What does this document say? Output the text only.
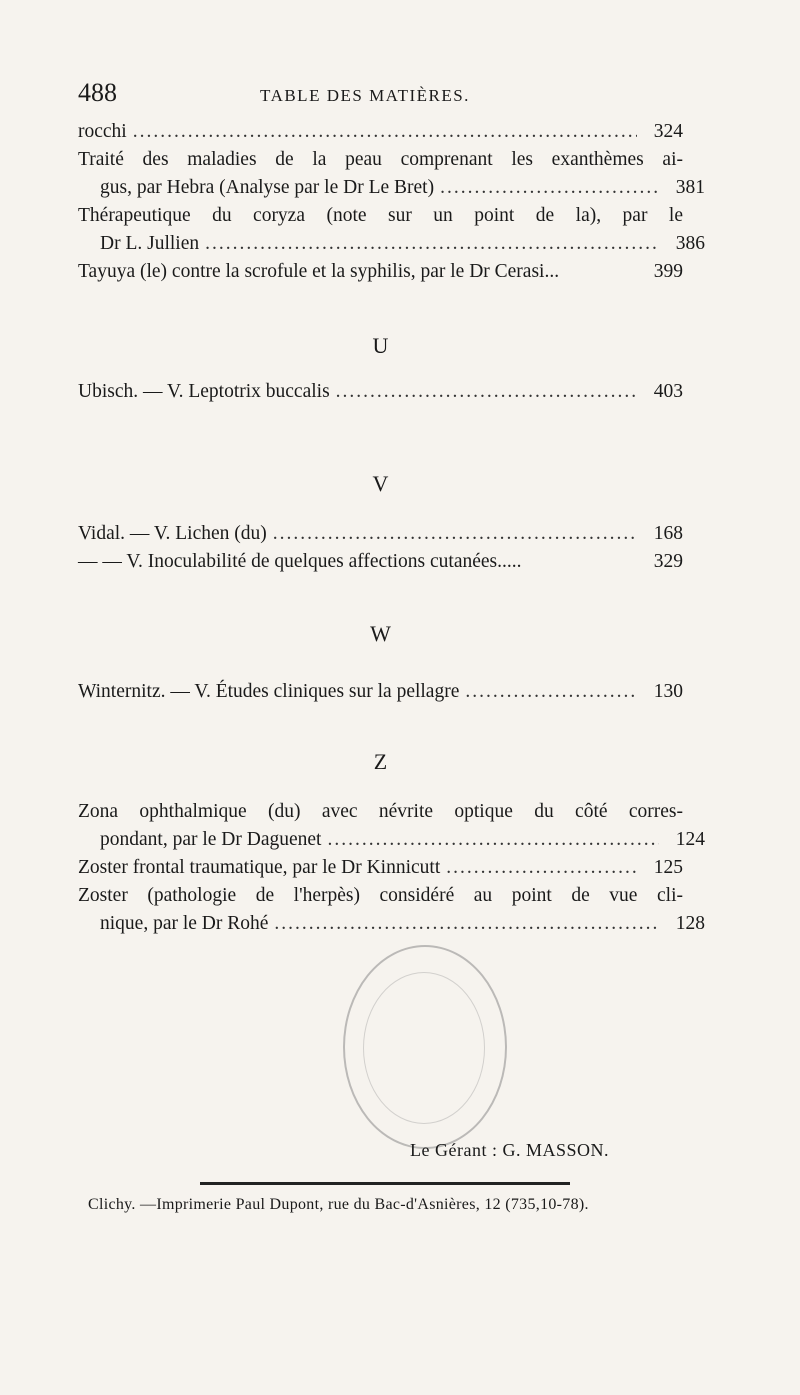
488	TABLE DES MATIÈRES.
rocchi .....	324
Traité des maladies de la peau comprenant les exanthèmes ai-
gus, par Hebra (Analyse par le Dr Le Bret) .....	381
Thérapeutique du coryza (note sur un point de la), par le
Dr L. Jullien .....	386
Tayuya (le) contre la scrofule et la syphilis, par le Dr Cerasi...	399
U
Ubisch. — V. Leptotrix buccalis .....	403
V
Vidal. — V. Lichen (du) .....	168
— — V. Inoculabilité de quelques affections cutanées.....	329
W
Winternitz. — V. Études cliniques sur la pellagre .....	130
Z
Zona ophthalmique (du) avec névrite optique du côté corres-
pondant, par le Dr Daguenet .....	124
Zoster frontal traumatique, par le Dr Kinnicutt .....	125
Zoster (pathologie de l'herpès) considéré au point de vue cli-
nique, par le Dr Rohé .....	128
Le Gérant : G. MASSON.
Clichy. —Imprimerie Paul Dupont, rue du Bac-d'Asnières, 12 (735,10-78).
